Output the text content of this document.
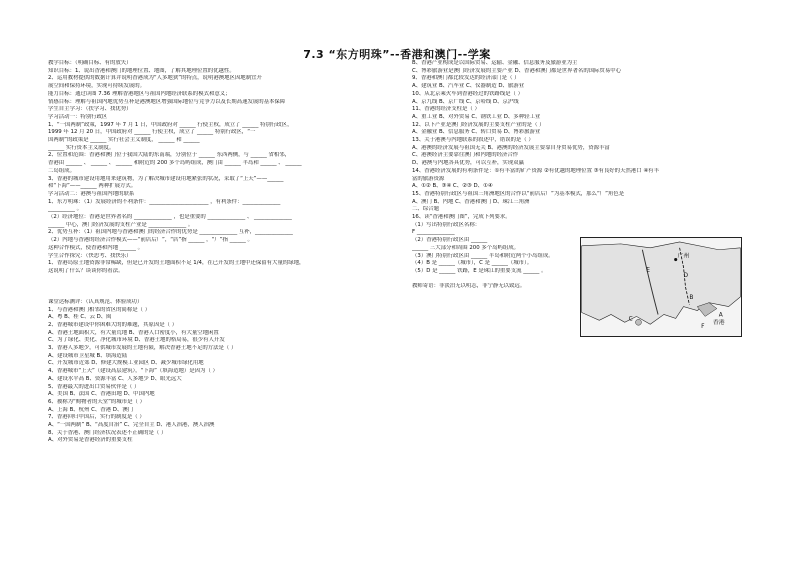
7.3 “东方明珠”--香港和澳门--学案
教学目标：（明确目标、有的放矢）
知识目标：1、说出香港和澳门的地理位置、地图，了解其地理位置的优越性。
2、运用教材提供的数据计算并说明香港成为“人多地狭”的特点，说明港澳地区因地制宜开
展空间和保持环境，实现可持续发展的。
能力目标：通过读图 7.36 理解香港地区与祖国内地经济联系的模式和意义；
情感目标：理解与祖国内地优势互补是港澳地区增强国际地位与竞争力以及长期高速发展的基本保障
学生自主学习：（扶学习、找优势）
学习活动一：特别行政区
1、“一国两制”政策，1997 年 7 月 1 日，中国政府对 ______ 行使主权，成立了 ______ 特别行政区，
1999 年 12 月 20 日，中国政府对 ______ 行使主权，成立了 ______ 特别行政区，“一
国两制”的政策是 ______ 实行社会主义制度， ______ 和 ______
______ 实行资本主义制度。
2、位置和范围：香港和澳门位于我国大陆的东南端，分别位于 ______ 东西两侧，与 ______ 省相邻，
香港由 ______ 、 ______ 、 ______ 和附近的 200 多个岛屿组成，澳门由 ______ 半岛和 ______ 、 ______
二岛组成。
3、香港的城市建设用地用来建筑物，为了解决城市建设用地紧张的状况，采取了“上天”——______
和“下海”——______ 两种扩展方式。
学习活动二：港澳与祖国内地的联系
1、东方明珠：（1）发展经济的不利条件：______________________ ，有利条件：______________
__________ 。
（2）经济地位：香港是世界著名的 ______________ ，也是重要的 ______________ 、 ______________
______ 中心，澳门经济发展的支柱产业是 ______________ 。
2、优势互补：（1）祖国内地与香港和澳门的经济合作的优势是 ______________ 互补，______________
（2）内地与香港的经济合作模式——“前店后厂”，“店”指 ______ ，“厂”指 ______ 。
这种合作模式，使香港和内地 ______ 。
学生合作探究：（快思考、找快乐）
1、香港岛原土地资源非常稀缺，但是已开发的土地面积不足 1/4，在已开发的土地中还保留有大量的绿地，
这说明了什么？谈谈你的看法。

课堂达标测评：（认真规范、体验成功）
1、与香港和澳门相邻的省区的简称是（ ）
A、粤 B、桂 C、云 D、闽
2、香港城市建设中你困难大的的难题，其原因是（ ）
A、香港土地面积大，有大量荒地 B、香港人口密度小，有大量空地闲置
C、为了绿化、美化、净化城市环境 D、香港土地的格局易，很少有人开发
3、香港人多地少，可供城市发展的土地有限，解决香港土地不足的方法是（ ）
A、建设城市卫星城 B、填海造陆
C、开发城市近郊 D、修建大规模工业园区 D、减少城市绿化用地
4、香港城市“上天”（建设高层建筑），“下海”（填海造地）是因为（ ）
A、建设水平高 B、资源丰富 C、人多地少 D、眼光远大
5、香港最大的进出口贸易伙伴是（ ）
A、美国 B、法国 C、香港田地 D、中国内地
6、被称为“购物者的天堂”的城市是（ ）
A、上海 B、杭州 C、香港 D、澳门
7、香港回归中国后，实行的制度是（ ）
A、“一国两制” B、“高度自治” C、完全自主 D、港人治港，澳人治澳
8、关于香港、澳门经济状况表述不正确的是（ ）
A、对外贸易是香港经济的重要支柱
B、香港产业构成是以国际贸易、运输、金融、信息服务及旅游业为主
C、博彩旅游业是澳门经济发展的主要产业 D、香港和澳门都是世界著名的国际贸易中心
9、香港和澳门都比较发达的经济部门是（ ）
A、建筑业 B、汽车业 C、仪器制造 D、旅游业
10、从北京乘火车到香港经过的铁路线是（ ）
A、京九线 B、京广线 C、京哈线 D、京沪线
11、香港的经济支柱是（ ）
A、重工业 B、对外贸易 C、钢铁工业 D、多种轻工业
12、以下产业是澳门经济发展的主要支柱产业的是（ ）
A、金融业 B、信息服务 C、转口贸易 D、博彩旅游业
13、关于港澳与内地联系的叙述中，错误的是（ ）
A、港澳的经济发展与祖国无关 B、港澳的经济发展主要靠自身贸易优势，资源丰富
C、港澳经济主要靠往澳门和内地的经济合作
D、港澳与内地各具优势，可以互补，实现双赢
14、香港经济发展的有利条件是：①有丰富的矿产资源 ②有优越的地理位置 ③有良好的天然港口 ④有丰
富的旅游资源
A、①② B、③④ C、②③ D、①④
15、香港特别行政区与祖国三角洲地区的合作以“前店后厂”为基本模式，那么“厂”角色是
A、澳门 B、内地 C、香港和澳门 D、珠江三角洲
二、综合题
16、读“香港和澳门图”，完成下列要求。
（1）写出特别行政区名称：
F ______________
（2）香港特别行政区由 ______
______ 三大部分和周围 200 多个岛屿组成。
（3）澳门特别行政区由 ______ 半岛和附近两个小岛组成。
（4）B 是 ______（城市），C 是 ______（城市）。
（5）D 是 ______ 铁路，E 是珠江的重要支流 ______ 。

教师寄语：非淡泊无以明志，非宁静无以致远。
广州
香港
A
B
C
D
E
F
